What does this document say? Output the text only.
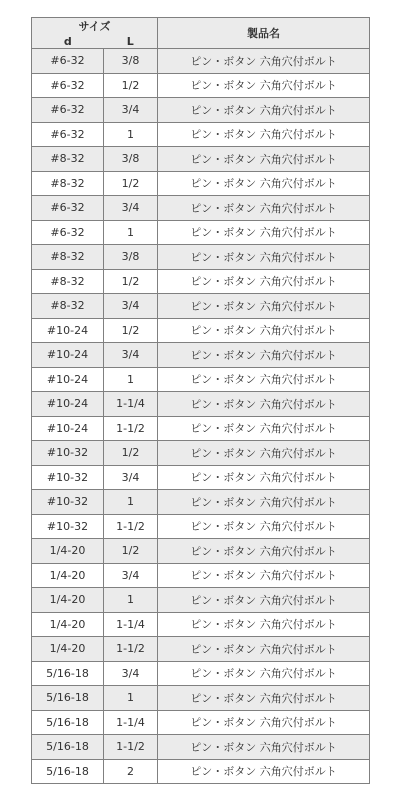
サイズ		製品名
d	L	
#6-32	3/8	ピン・ボタン 六角穴付ボルト
#6-32	1/2	ピン・ボタン 六角穴付ボルト
#6-32	3/4	ピン・ボタン 六角穴付ボルト
#6-32	1	ピン・ボタン 六角穴付ボルト
#8-32	3/8	ピン・ボタン 六角穴付ボルト
#8-32	1/2	ピン・ボタン 六角穴付ボルト
#6-32	3/4	ピン・ボタン 六角穴付ボルト
#6-32	1	ピン・ボタン 六角穴付ボルト
#8-32	3/8	ピン・ボタン 六角穴付ボルト
#8-32	1/2	ピン・ボタン 六角穴付ボルト
#8-32	3/4	ピン・ボタン 六角穴付ボルト
#10-24	1/2	ピン・ボタン 六角穴付ボルト
#10-24	3/4	ピン・ボタン 六角穴付ボルト
#10-24	1	ピン・ボタン 六角穴付ボルト
#10-24	1-1/4	ピン・ボタン 六角穴付ボルト
#10-24	1-1/2	ピン・ボタン 六角穴付ボルト
#10-32	1/2	ピン・ボタン 六角穴付ボルト
#10-32	3/4	ピン・ボタン 六角穴付ボルト
#10-32	1	ピン・ボタン 六角穴付ボルト
#10-32	1-1/2	ピン・ボタン 六角穴付ボルト
1/4-20	1/2	ピン・ボタン 六角穴付ボルト
1/4-20	3/4	ピン・ボタン 六角穴付ボルト
1/4-20	1	ピン・ボタン 六角穴付ボルト
1/4-20	1-1/4	ピン・ボタン 六角穴付ボルト
1/4-20	1-1/2	ピン・ボタン 六角穴付ボルト
5/16-18	3/4	ピン・ボタン 六角穴付ボルト
5/16-18	1	ピン・ボタン 六角穴付ボルト
5/16-18	1-1/4	ピン・ボタン 六角穴付ボルト
5/16-18	1-1/2	ピン・ボタン 六角穴付ボルト
5/16-18	2	ピン・ボタン 六角穴付ボルト
